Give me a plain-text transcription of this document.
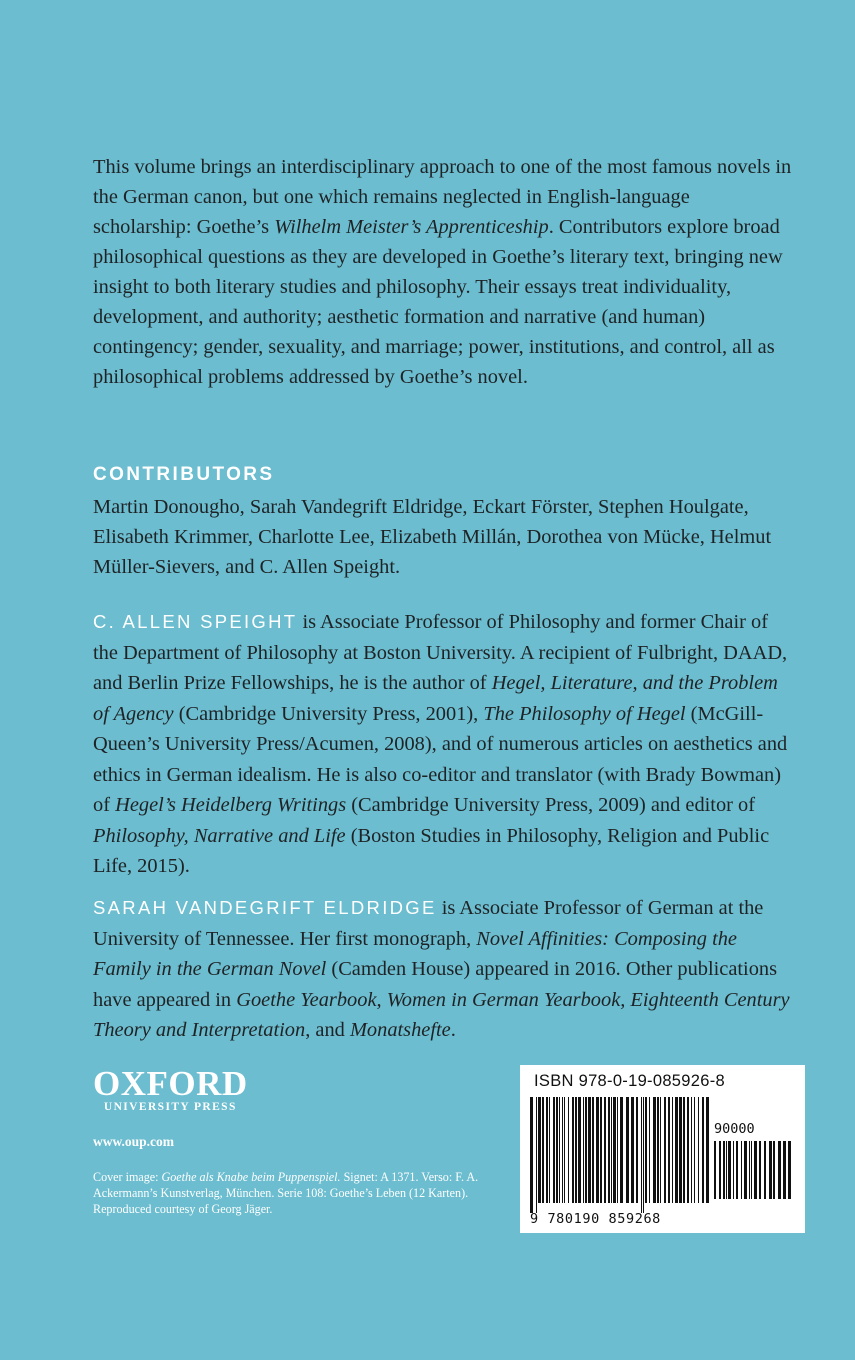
This volume brings an interdisciplinary approach to one of the most famous novels in the German canon, but one which remains neglected in English-language scholarship: Goethe’s Wilhelm Meister’s Apprenticeship. Contributors explore broad philosophical questions as they are developed in Goethe’s literary text, bringing new insight to both literary studies and philosophy. Their essays treat individuality, development, and authority; aesthetic formation and narrative (and human) contingency; gender, sexuality, and marriage; power, institutions, and control, all as philosophical problems addressed by Goethe’s novel.

CONTRIBUTORS

Martin Donougho, Sarah Vandegrift Eldridge, Eckart Förster, Stephen Houlgate, Elisabeth Krimmer, Charlotte Lee, Elizabeth Millán, Dorothea von Mücke, Helmut Müller-Sievers, and C. Allen Speight.

C. ALLEN SPEIGHT is Associate Professor of Philosophy and former Chair of the Department of Philosophy at Boston University. A recipient of Fulbright, DAAD, and Berlin Prize Fellowships, he is the author of Hegel, Literature, and the Problem of Agency (Cambridge University Press, 2001), The Philosophy of Hegel (McGill-Queen’s University Press/Acumen, 2008), and of numerous articles on aesthetics and ethics in German idealism. He is also co-editor and translator (with Brady Bowman) of Hegel’s Heidelberg Writings (Cambridge University Press, 2009) and editor of Philosophy, Narrative and Life (Boston Studies in Philosophy, Religion and Public Life, 2015).

SARAH VANDEGRIFT ELDRIDGE is Associate Professor of German at the University of Tennessee. Her first monograph, Novel Affinities: Composing the Family in the German Novel (Camden House) appeared in 2016. Other publications have appeared in Goethe Yearbook, Women in German Yearbook, Eighteenth Century Theory and Interpretation, and Monatshefte.

OXFORD
UNIVERSITY PRESS
www.oup.com

Cover image: Goethe als Knabe beim Puppenspiel. Signet: A 1371. Verso: F. A. Ackermann’s Kunstverlag, München. Serie 108: Goethe’s Leben (12 Karten). Reproduced courtesy of Georg Jäger.

ISBN 978-0-19-085926-8
90000
9 780190 859268
